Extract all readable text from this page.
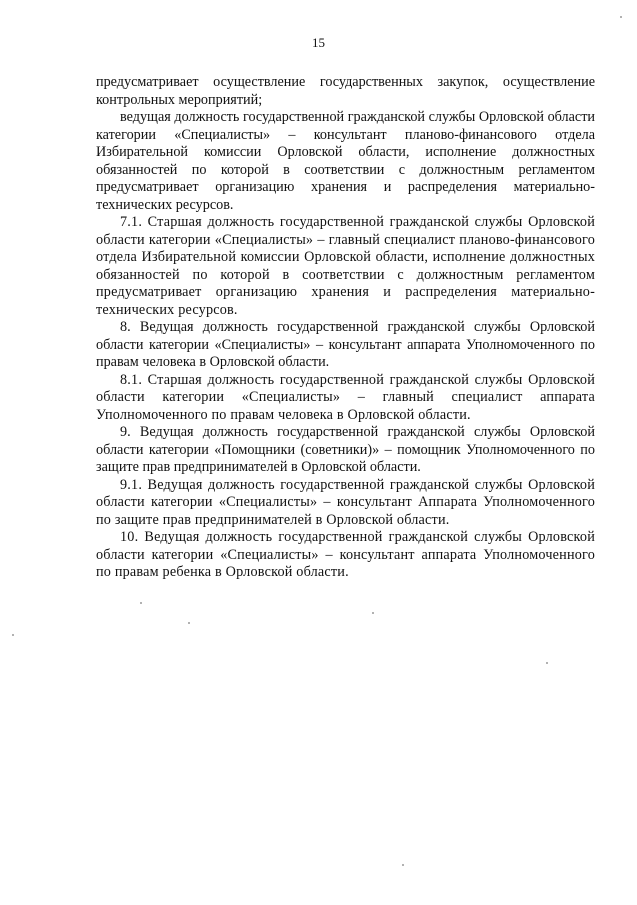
15

предусматривает осуществление государственных закупок, осуществление контрольных мероприятий;

ведущая должность государственной гражданской службы Орловской области категории «Специалисты» – консультант планово-финансового отдела Избирательной комиссии Орловской области, исполнение должностных обязанностей по которой в соответствии с должностным регламентом предусматривает организацию хранения и распределения материально-технических ресурсов.

7.1. Старшая должность государственной гражданской службы Орловской области категории «Специалисты» – главный специалист планово-финансового отдела Избирательной комиссии Орловской области, исполнение должностных обязанностей по которой в соответствии с должностным регламентом предусматривает организацию хранения и распределения материально-технических ресурсов.

8. Ведущая должность государственной гражданской службы Орловской области категории «Специалисты» – консультант аппарата Уполномоченного по правам человека в Орловской области.

8.1. Старшая должность государственной гражданской службы Орловской области категории «Специалисты» – главный специалист аппарата Уполномоченного по правам человека в Орловской области.

9. Ведущая должность государственной гражданской службы Орловской области категории «Помощники (советники)» – помощник Уполномоченного по защите прав предпринимателей в Орловской области.

9.1. Ведущая должность государственной гражданской службы Орловской области категории «Специалисты» – консультант Аппарата Уполномоченного по защите прав предпринимателей в Орловской области.

10. Ведущая должность государственной гражданской службы Орловской области категории «Специалисты» – консультант аппарата Уполномоченного по правам ребенка в Орловской области.
